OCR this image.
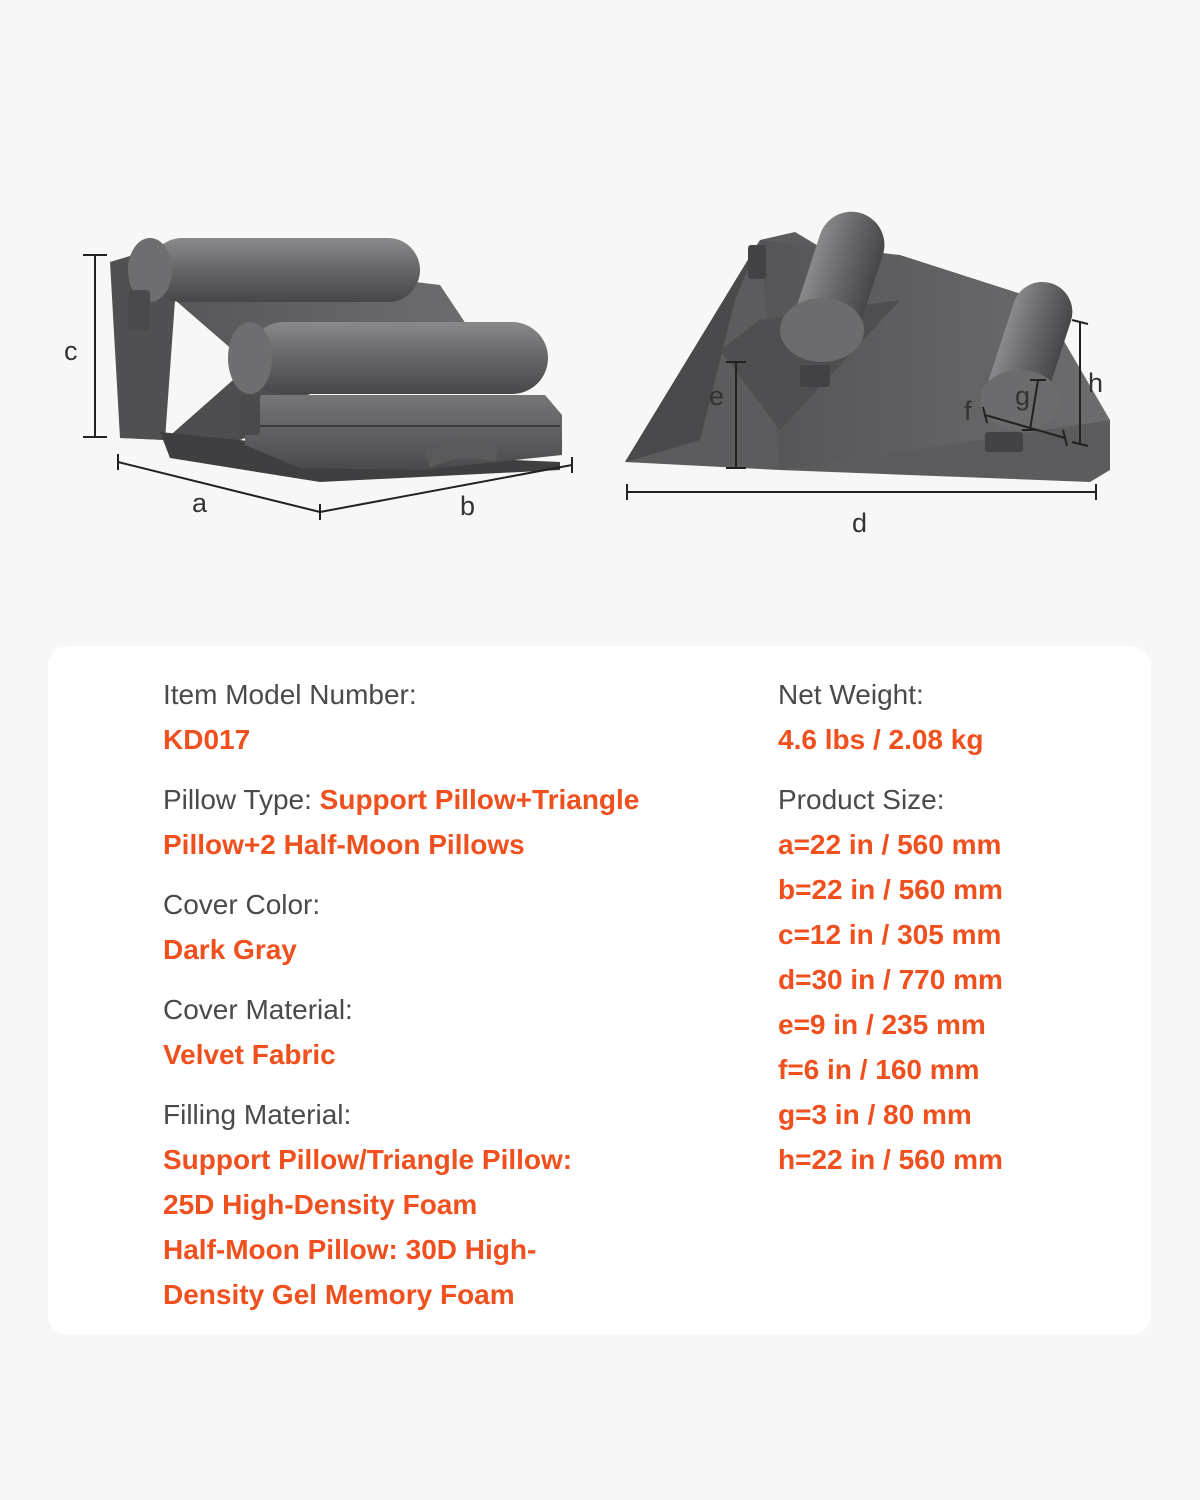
c
a	b
d
e	f g h
Item Model Number:
KD017
Pillow Type: Support Pillow+Triangle Pillow+2 Half-Moon Pillows
Cover Color:
Dark Gray
Cover Material:
Velvet Fabric
Filling Material:
Support Pillow/Triangle Pillow:
25D High-Density Foam
Half-Moon Pillow: 30D High-
Density Gel Memory Foam
Net Weight:
4.6 lbs / 2.08 kg
Product Size:
a=22 in / 560 mm
b=22 in / 560 mm
c=12 in / 305 mm
d=30 in / 770 mm
e=9 in / 235 mm
f=6 in / 160 mm
g=3 in / 80 mm
h=22 in / 560 mm
